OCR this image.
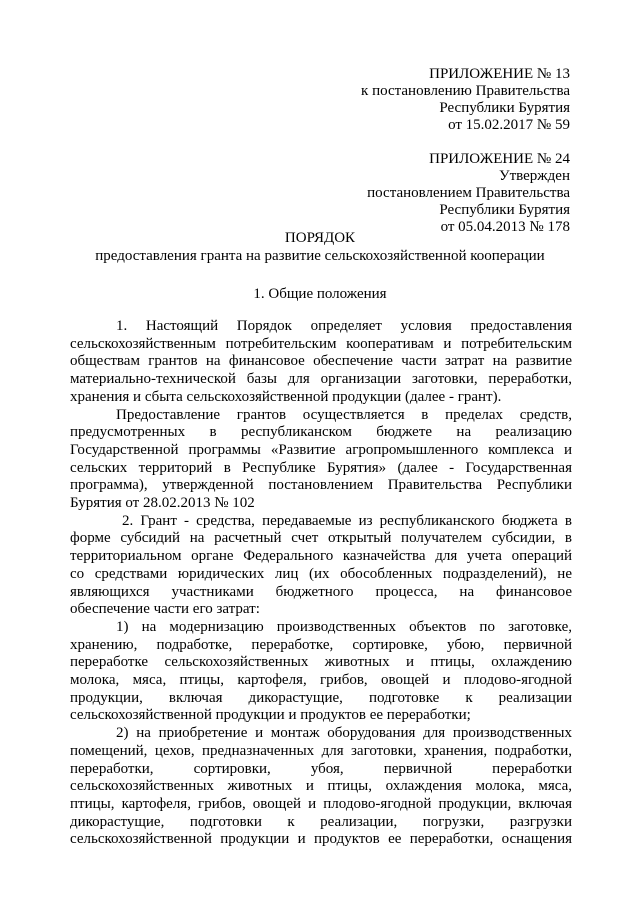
ПРИЛОЖЕНИЕ № 13
к постановлению Правительства
Республики Бурятия
от 15.02.2017 № 59
ПРИЛОЖЕНИЕ № 24
Утвержден
постановлением Правительства
Республики Бурятия
от 05.04.2013 № 178
ПОРЯДОК
предоставления гранта на развитие сельскохозяйственной кооперации
1. Общие положения
1. Настоящий Порядок определяет условия предоставления
сельскохозяйственным потребительским кооперативам и потребительским
обществам грантов на финансовое обеспечение части затрат на развитие
материально-технической базы для организации заготовки, переработки,
хранения и сбыта сельскохозяйственной продукции (далее - грант).
Предоставление грантов осуществляется в пределах средств,
предусмотренных в республиканском бюджете на реализацию
Государственной программы «Развитие агропромышленного комплекса и
сельских территорий в Республике Бурятия» (далее - Государственная
программа), утвержденной постановлением Правительства Республики
Бурятия от 28.02.2013 № 102
2. Грант - средства, передаваемые из республиканского бюджета в
форме субсидий на расчетный счет открытый получателем субсидии, в
территориальном органе Федерального казначейства для учета операций
со средствами юридических лиц (их обособленных подразделений), не
являющихся участниками бюджетного процесса, на финансовое
обеспечение части его затрат:
1) на модернизацию производственных объектов по заготовке,
хранению, подработке, переработке, сортировке, убою, первичной
переработке сельскохозяйственных животных и птицы, охлаждению
молока, мяса, птицы, картофеля, грибов, овощей и плодово-ягодной
продукции, включая дикорастущие, подготовке к реализации
сельскохозяйственной продукции и продуктов ее переработки;
2) на приобретение и монтаж оборудования для производственных
помещений, цехов, предназначенных для заготовки, хранения, подработки,
переработки, сортировки, убоя, первичной переработки
сельскохозяйственных животных и птицы, охлаждения молока, мяса,
птицы, картофеля, грибов, овощей и плодово-ягодной продукции, включая
дикорастущие, подготовки к реализации, погрузки, разгрузки
сельскохозяйственной продукции и продуктов ее переработки, оснащения
